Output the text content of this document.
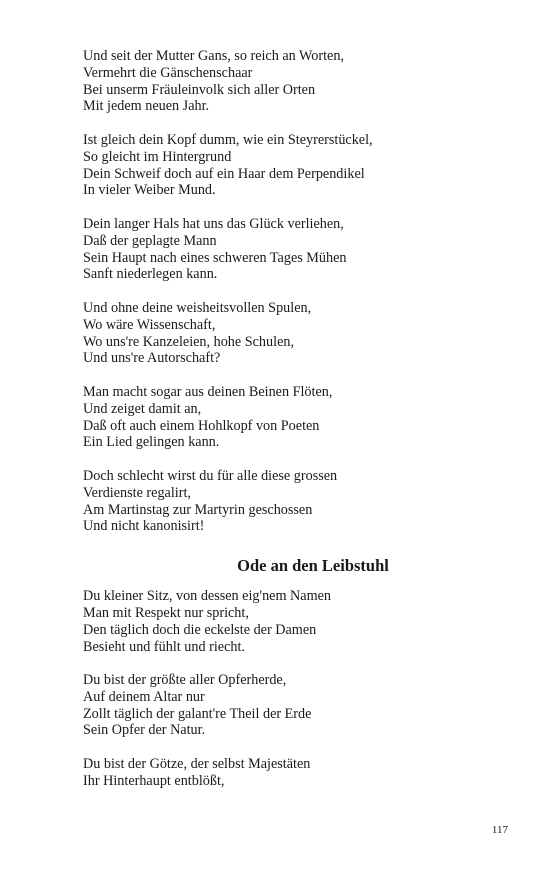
Und seit der Mutter Gans, so reich an Worten,
Vermehrt die Gänschenschaar
Bei unserm Fräuleinvolk sich aller Orten
Mit jedem neuen Jahr.
Ist gleich dein Kopf dumm, wie ein Steyrerstückel,
So gleicht im Hintergrund
Dein Schweif doch auf ein Haar dem Perpendikel
In vieler Weiber Mund.
Dein langer Hals hat uns das Glück verliehen,
Daß der geplagte Mann
Sein Haupt nach eines schweren Tages Mühen
Sanft niederlegen kann.
Und ohne deine weisheitsvollen Spulen,
Wo wäre Wissenschaft,
Wo uns're Kanzeleien, hohe Schulen,
Und uns're Autorschaft?
Man macht sogar aus deinen Beinen Flöten,
Und zeiget damit an,
Daß oft auch einem Hohlkopf von Poeten
Ein Lied gelingen kann.
Doch schlecht wirst du für alle diese grossen
Verdienste regalirt,
Am Martinstag zur Martyrin geschossen
Und nicht kanonisirt!
Ode an den Leibstuhl
Du kleiner Sitz, von dessen eig'nem Namen
Man mit Respekt nur spricht,
Den täglich doch die eckelste der Damen
Besieht und fühlt und riecht.
Du bist der größte aller Opferherde,
Auf deinem Altar nur
Zollt täglich der galant're Theil der Erde
Sein Opfer der Natur.
Du bist der Götze, der selbst Majestäten
Ihr Hinterhaupt entblößt,
117
